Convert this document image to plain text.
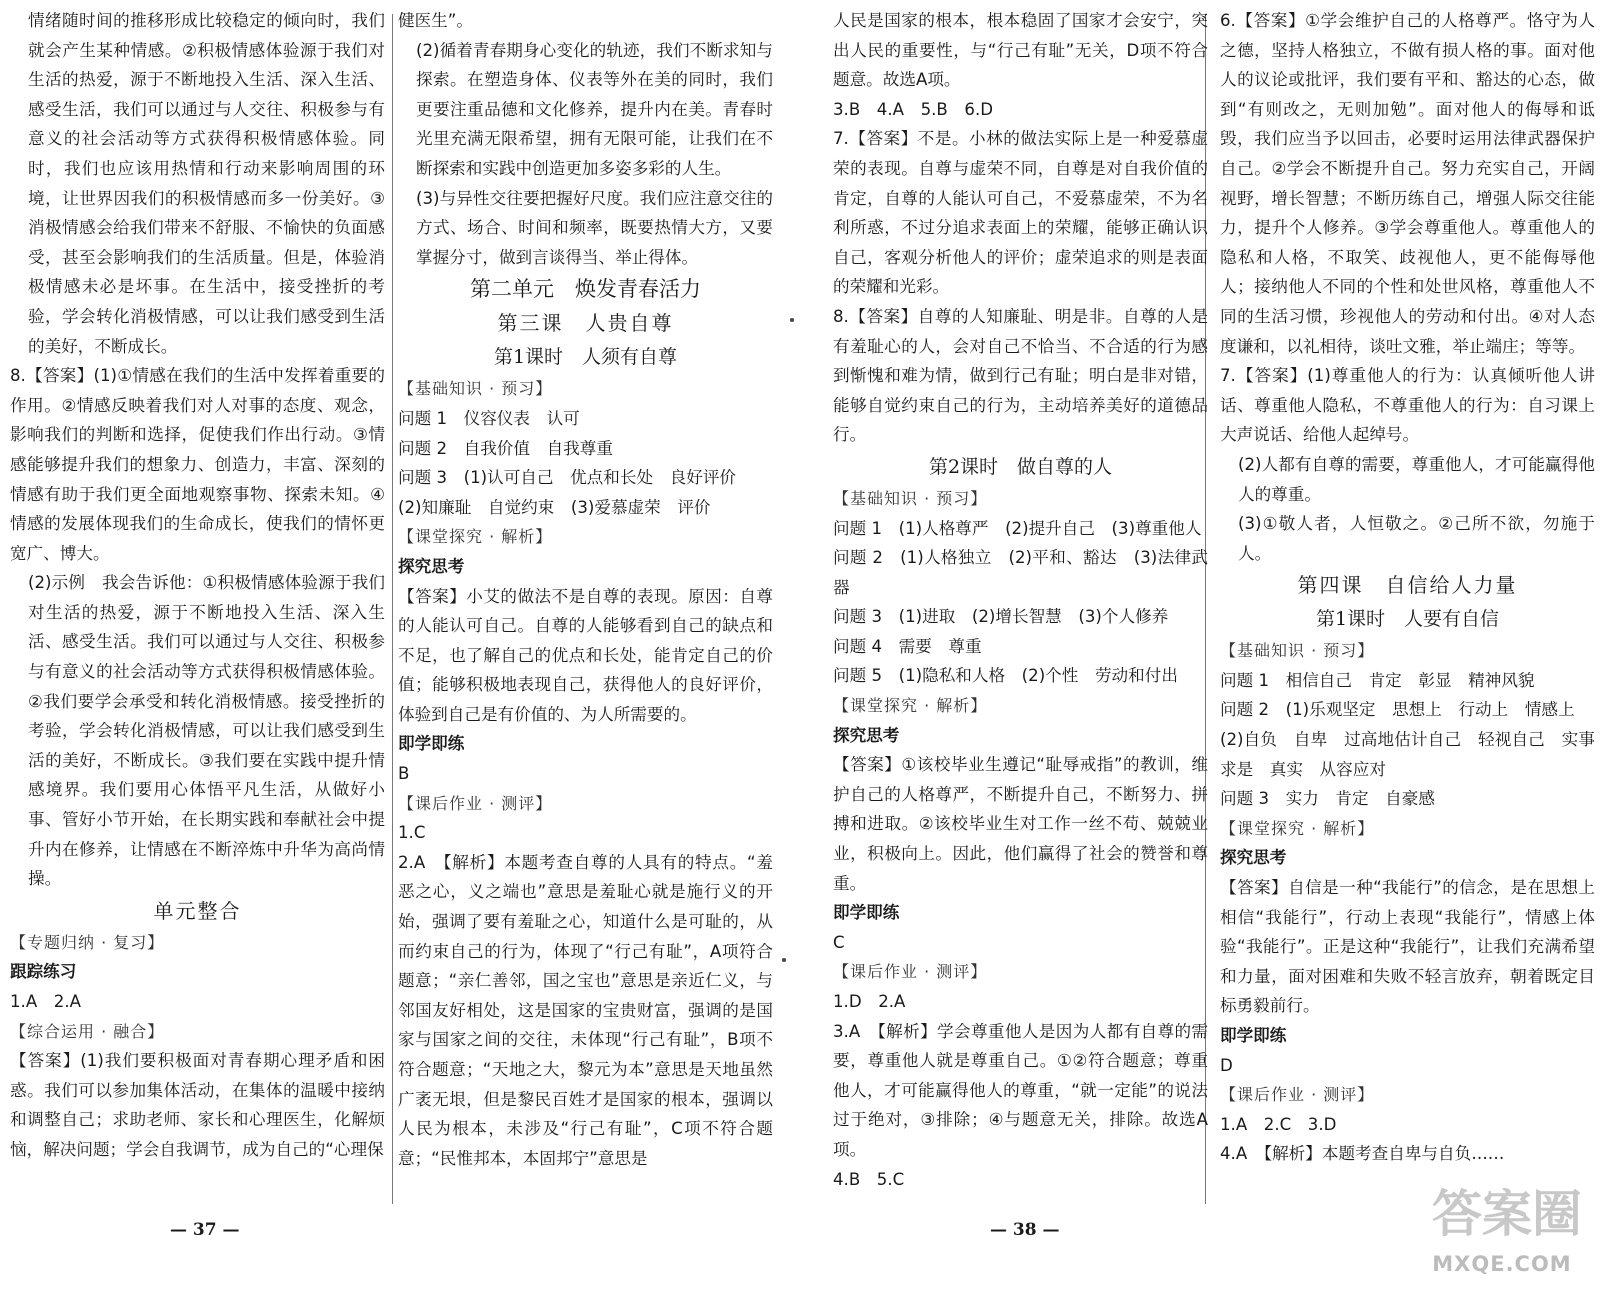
情绪随时间的推移形成比较稳定的倾向时，我们就会产生某种情感。②积极情感体验源于我们对生活的热爱，源于不断地投入生活、深入生活、感受生活，我们可以通过与人交往、积极参与有意义的社会活动等方式获得积极情感体验。同时，我们也应该用热情和行动来影响周围的环境，让世界因我们的积极情感而多一份美好。③消极情感会给我们带来不舒服、不愉快的负面感受，甚至会影响我们的生活质量。但是，体验消极情感未必是坏事。在生活中，接受挫折的考验，学会转化消极情感，可以让我们感受到生活的美好，不断成长。

8.【答案】(1)①情感在我们的生活中发挥着重要的作用。②情感反映着我们对人对事的态度、观念，影响我们的判断和选择，促使我们作出行动。③情感能够提升我们的想象力、创造力，丰富、深刻的情感有助于我们更全面地观察事物、探索未知。④情感的发展体现我们的生命成长，使我们的情怀更宽广、博大。

(2)示例　我会告诉他：①积极情感体验源于我们对生活的热爱，源于不断地投入生活、深入生活、感受生活。我们可以通过与人交往、积极参与有意义的社会活动等方式获得积极情感体验。②我们要学会承受和转化消极情感。接受挫折的考验，学会转化消极情感，可以让我们感受到生活的美好，不断成长。③我们要在实践中提升情感境界。我们要用心体悟平凡生活，从做好小事、管好小节开始，在长期实践和奉献社会中提升内在修养，让情感在不断淬炼中升华为高尚情操。

单元整合

【专题归纳 · 复习】

跟踪练习

1.A　2.A

【综合运用 · 融合】

【答案】(1)我们要积极面对青春期心理矛盾和困惑。我们可以参加集体活动，在集体的温暖中接纳和调整自己；求助老师、家长和心理医生，化解烦恼，解决问题；学会自我调节，成为自己的“心理保

健医生”。

(2)循着青春期身心变化的轨迹，我们不断求知与探索。在塑造身体、仪表等外在美的同时，我们更要注重品德和文化修养，提升内在美。青春时光里充满无限希望，拥有无限可能，让我们在不断探索和实践中创造更加多姿多彩的人生。

(3)与异性交往要把握好尺度。我们应注意交往的方式、场合、时间和频率，既要热情大方，又要掌握分寸，做到言谈得当、举止得体。

第二单元　焕发青春活力

第三课　人贵自尊

第1课时　人须有自尊

【基础知识 · 预习】

问题 1　仪容仪表　认可

问题 2　自我价值　自我尊重

问题 3　(1)认可自己　优点和长处　良好评价

(2)知廉耻　自觉约束　(3)爱慕虚荣　评价

【课堂探究 · 解析】

探究思考

【答案】小艾的做法不是自尊的表现。原因：自尊的人能认可自己。自尊的人能够看到自己的缺点和不足，也了解自己的优点和长处，能肯定自己的价值；能够积极地表现自己，获得他人的良好评价，体验到自己是有价值的、为人所需要的。

即学即练

B

【课后作业 · 测评】

1.C

2.A　【解析】本题考查自尊的人具有的特点。“羞恶之心，义之端也”意思是羞耻心就是施行义的开始，强调了要有羞耻之心，知道什么是可耻的，从而约束自己的行为，体现了“行己有耻”，A项符合题意；“亲仁善邻，国之宝也”意思是亲近仁义，与邻国友好相处，这是国家的宝贵财富，强调的是国家与国家之间的交往，未体现“行己有耻”，B项不符合题意；“天地之大，黎元为本”意思是天地虽然广袤无垠，但是黎民百姓才是国家的根本，强调以人民为根本，未涉及“行己有耻”，C项不符合题意；“民惟邦本，本固邦宁”意思是

人民是国家的根本，根本稳固了国家才会安宁，突出人民的重要性，与“行己有耻”无关，D项不符合题意。故选A项。

3.B　4.A　5.B　6.D

7.【答案】不是。小林的做法实际上是一种爱慕虚荣的表现。自尊与虚荣不同，自尊是对自我价值的肯定，自尊的人能认可自己，不爱慕虚荣，不为名利所惑，不过分追求表面上的荣耀，能够正确认识自己，客观分析他人的评价；虚荣追求的则是表面的荣耀和光彩。

8.【答案】自尊的人知廉耻、明是非。自尊的人是有羞耻心的人，会对自己不恰当、不合适的行为感到惭愧和难为情，做到行己有耻；明白是非对错，能够自觉约束自己的行为，主动培养美好的道德品行。

第2课时　做自尊的人

【基础知识 · 预习】

问题 1　(1)人格尊严　(2)提升自己　(3)尊重他人

问题 2　(1)人格独立　(2)平和、豁达　(3)法律武器

问题 3　(1)进取　(2)增长智慧　(3)个人修养

问题 4　需要　尊重

问题 5　(1)隐私和人格　(2)个性　劳动和付出

【课堂探究 · 解析】

探究思考

【答案】①该校毕业生遵记“耻辱戒指”的教训，维护自己的人格尊严，不断提升自己，不断努力、拼搏和进取。②该校毕业生对工作一丝不苟、兢兢业业，积极向上。因此，他们赢得了社会的赞誉和尊重。

即学即练

C

【课后作业 · 测评】

1.D　2.A

3.A　【解析】学会尊重他人是因为人都有自尊的需要，尊重他人就是尊重自己。①②符合题意；尊重他人，才可能赢得他人的尊重，“就一定能”的说法过于绝对，③排除；④与题意无关，排除。故选A项。

4.B　5.C

6.【答案】①学会维护自己的人格尊严。恪守为人之德，坚持人格独立，不做有损人格的事。面对他人的议论或批评，我们要有平和、豁达的心态，做到“有则改之，无则加勉”。面对他人的侮辱和诋毁，我们应当予以回击，必要时运用法律武器保护自己。②学会不断提升自己。努力充实自己，开阔视野，增长智慧；不断历练自己，增强人际交往能力，提升个人修养。③学会尊重他人。尊重他人的隐私和人格，不取笑、歧视他人，更不能侮辱他人；接纳他人不同的个性和处世风格，尊重他人不同的生活习惯，珍视他人的劳动和付出。④对人态度谦和，以礼相待，谈吐文雅，举止端庄；等等。

7.【答案】(1)尊重他人的行为：认真倾听他人讲话、尊重他人隐私，不尊重他人的行为：自习课上大声说话、给他人起绰号。

(2)人都有自尊的需要，尊重他人，才可能赢得他人的尊重。

(3)①敬人者，人恒敬之。②己所不欲，勿施于人。

第四课　自信给人力量

第1课时　人要有自信

【基础知识 · 预习】

问题 1　相信自己　肯定　彰显　精神风貌

问题 2　(1)乐观坚定　思想上　行动上　情感上

(2)自负　自卑　过高地估计自己　轻视自己　实事求是　真实　从容应对

问题 3　实力　肯定　自豪感

【课堂探究 · 解析】

探究思考

【答案】自信是一种“我能行”的信念，是在思想上相信“我能行”，行动上表现“我能行”，情感上体验“我能行”。正是这种“我能行”，让我们充满希望和力量，面对困难和失败不轻言放弃，朝着既定目标勇毅前行。

即学即练

D

【课后作业 · 测评】

1.A　2.C　3.D

4.A　【解析】本题考查自卑与自负……

— 37 —	— 38 —	答案圈
MXQE.COM
